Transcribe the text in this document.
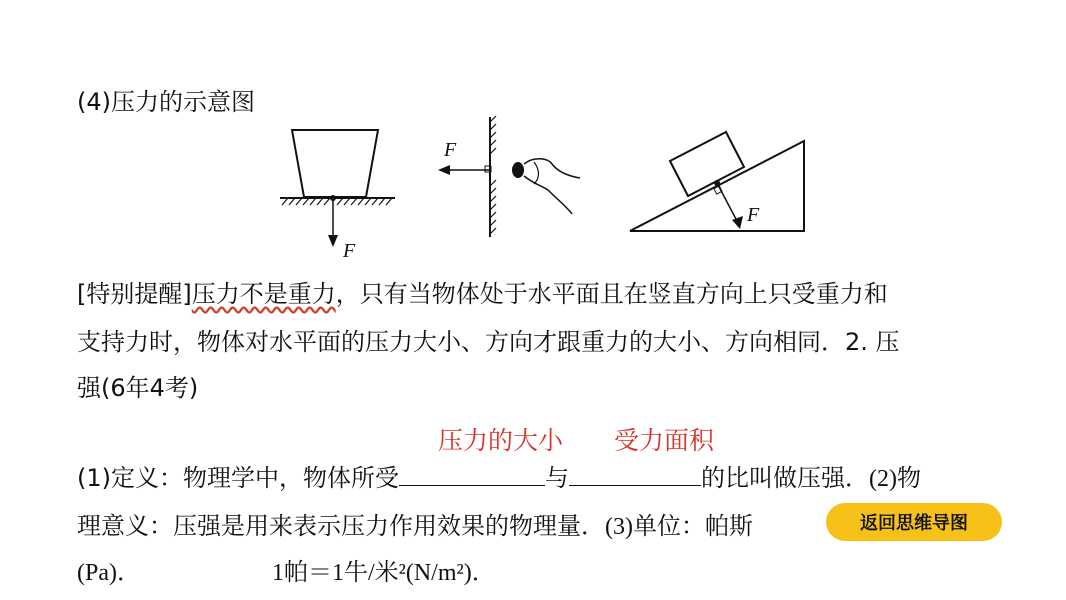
(4)压力的示意图
F
F
F
[特别提醒]压力不是重力，只有当物体处于水平面且在竖直方向上只受重力和
支持力时，物体对水平面的压力大小、方向才跟重力的大小、方向相同．2. 压
强(6年4考)
压力的大小 受力面积
(1)定义：物理学中，物体所受	与	的比叫做压强．(2)物
理意义：压强是用来表示压力作用效果的物理量．(3)单位：帕斯
(Pa)．	1帕＝1牛/米²(N/m²)．
返回思维导图
